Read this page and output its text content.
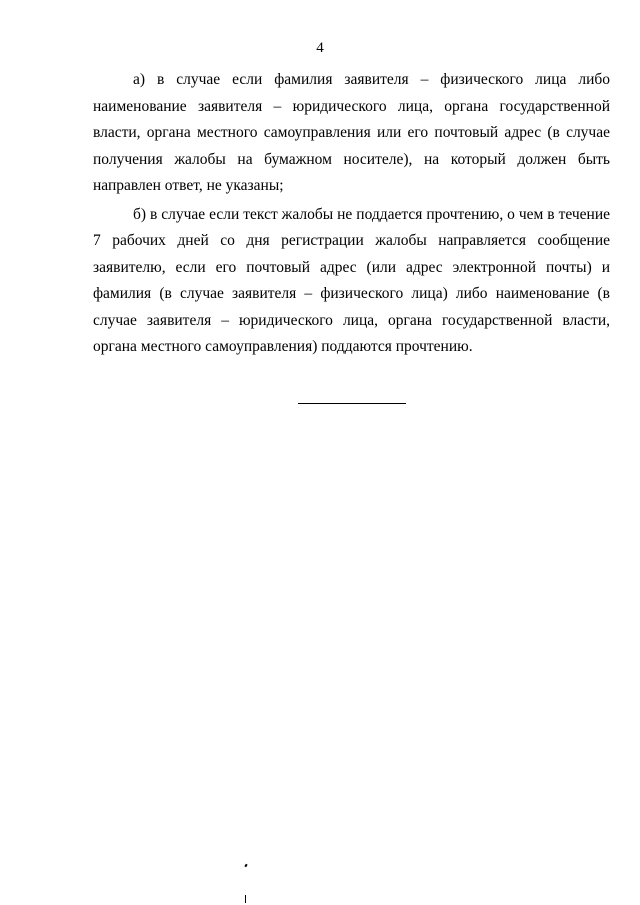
4

а) в случае если фамилия заявителя – физического лица либо наименование заявителя – юридического лица, органа государственной власти, органа местного самоуправления или его почтовый адрес (в случае получения жалобы на бумажном носителе), на который должен быть направлен ответ, не указаны;

б) в случае если текст жалобы не поддается прочтению, о чем в течение 7 рабочих дней со дня регистрации жалобы направляется сообщение заявителю, если его почтовый адрес (или адрес электронной почты) и фамилия (в случае заявителя – физического лица) либо наименование (в случае заявителя – юридического лица, органа государственной власти, органа местного самоуправления) поддаются прочтению.
